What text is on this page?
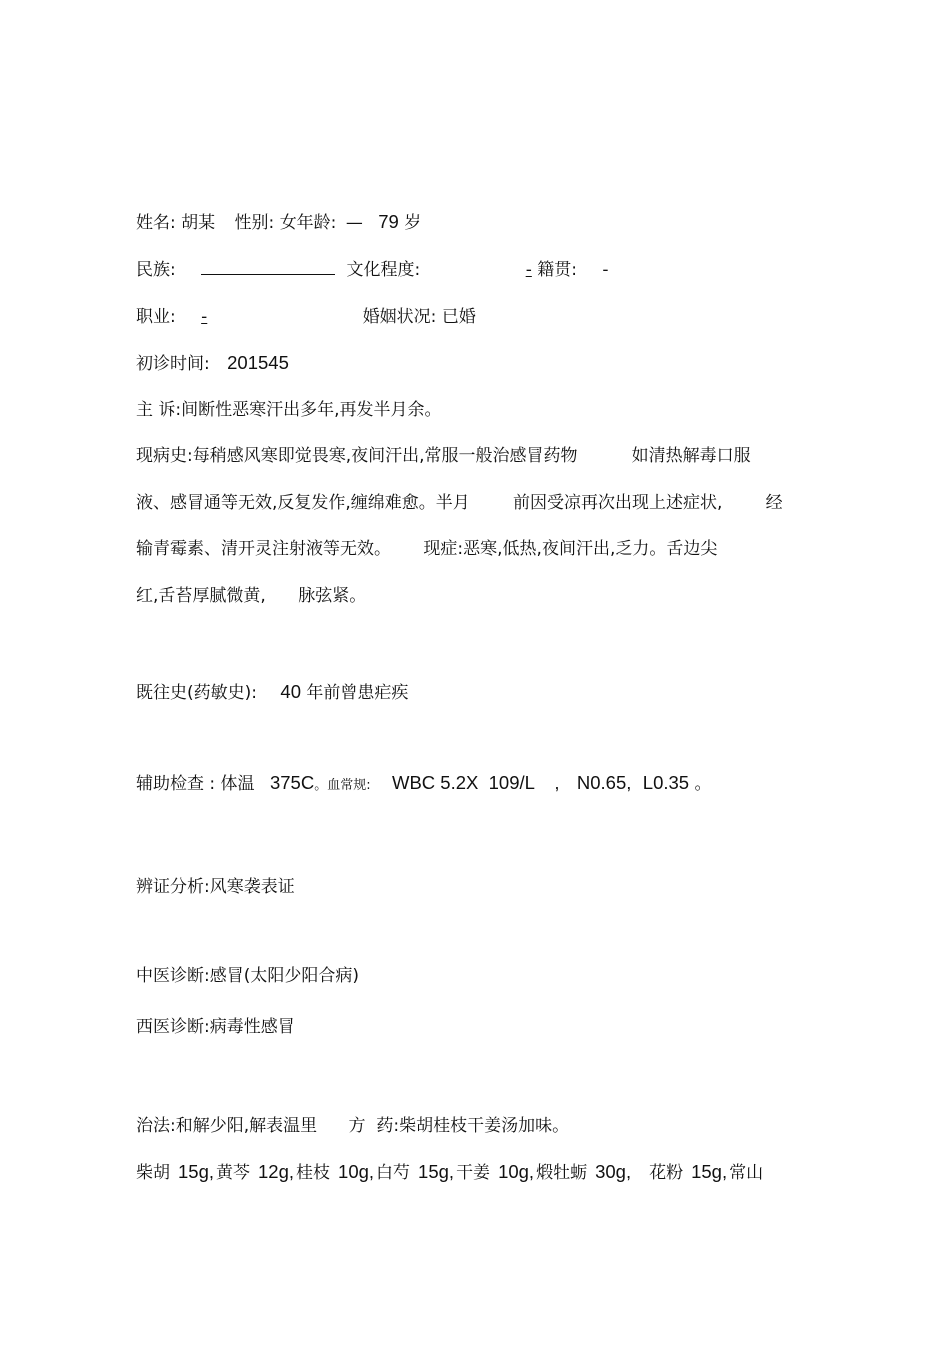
姓名: 胡某 性别: 女年龄: — 79 岁
民族:	文化程度:	- 籍贯: -
职业: -	婚姻状况: 已婚
初诊时间: 201545
主 诉:间断性恶寒汗出多年,再发半月余。
现病史:每稍感风寒即觉畏寒,夜间汗出,常服一般治感冒药物          如清热解毒口服
液、感冒通等无效,反复发作,缠绵难愈。半月        前因受凉再次出现上述症状,        经
输青霉素、清开灵注射液等无效。      现症:恶寒,低热,夜间汗出,乏力。舌边尖
红,舌苔厚腻微黄,      脉弦紧。
既往史(药敏史): 40 年前曾患疟疾
辅助检查 : 体温 375C。血常规: WBC 5.2X  109/L , N0.65, L0.35 。
辨证分析:风寒袭表证
中医诊断:感冒(太阳少阳合病)
西医诊断:病毒性感冒
治法:和解少阳,解表温里 方  药:柴胡桂枝干姜汤加味。
柴胡 15g, 黄芩 12g, 桂枝 10g, 白芍 15g, 干姜 10g, 煅牡蛎 30g, 花粉 15g, 常山
